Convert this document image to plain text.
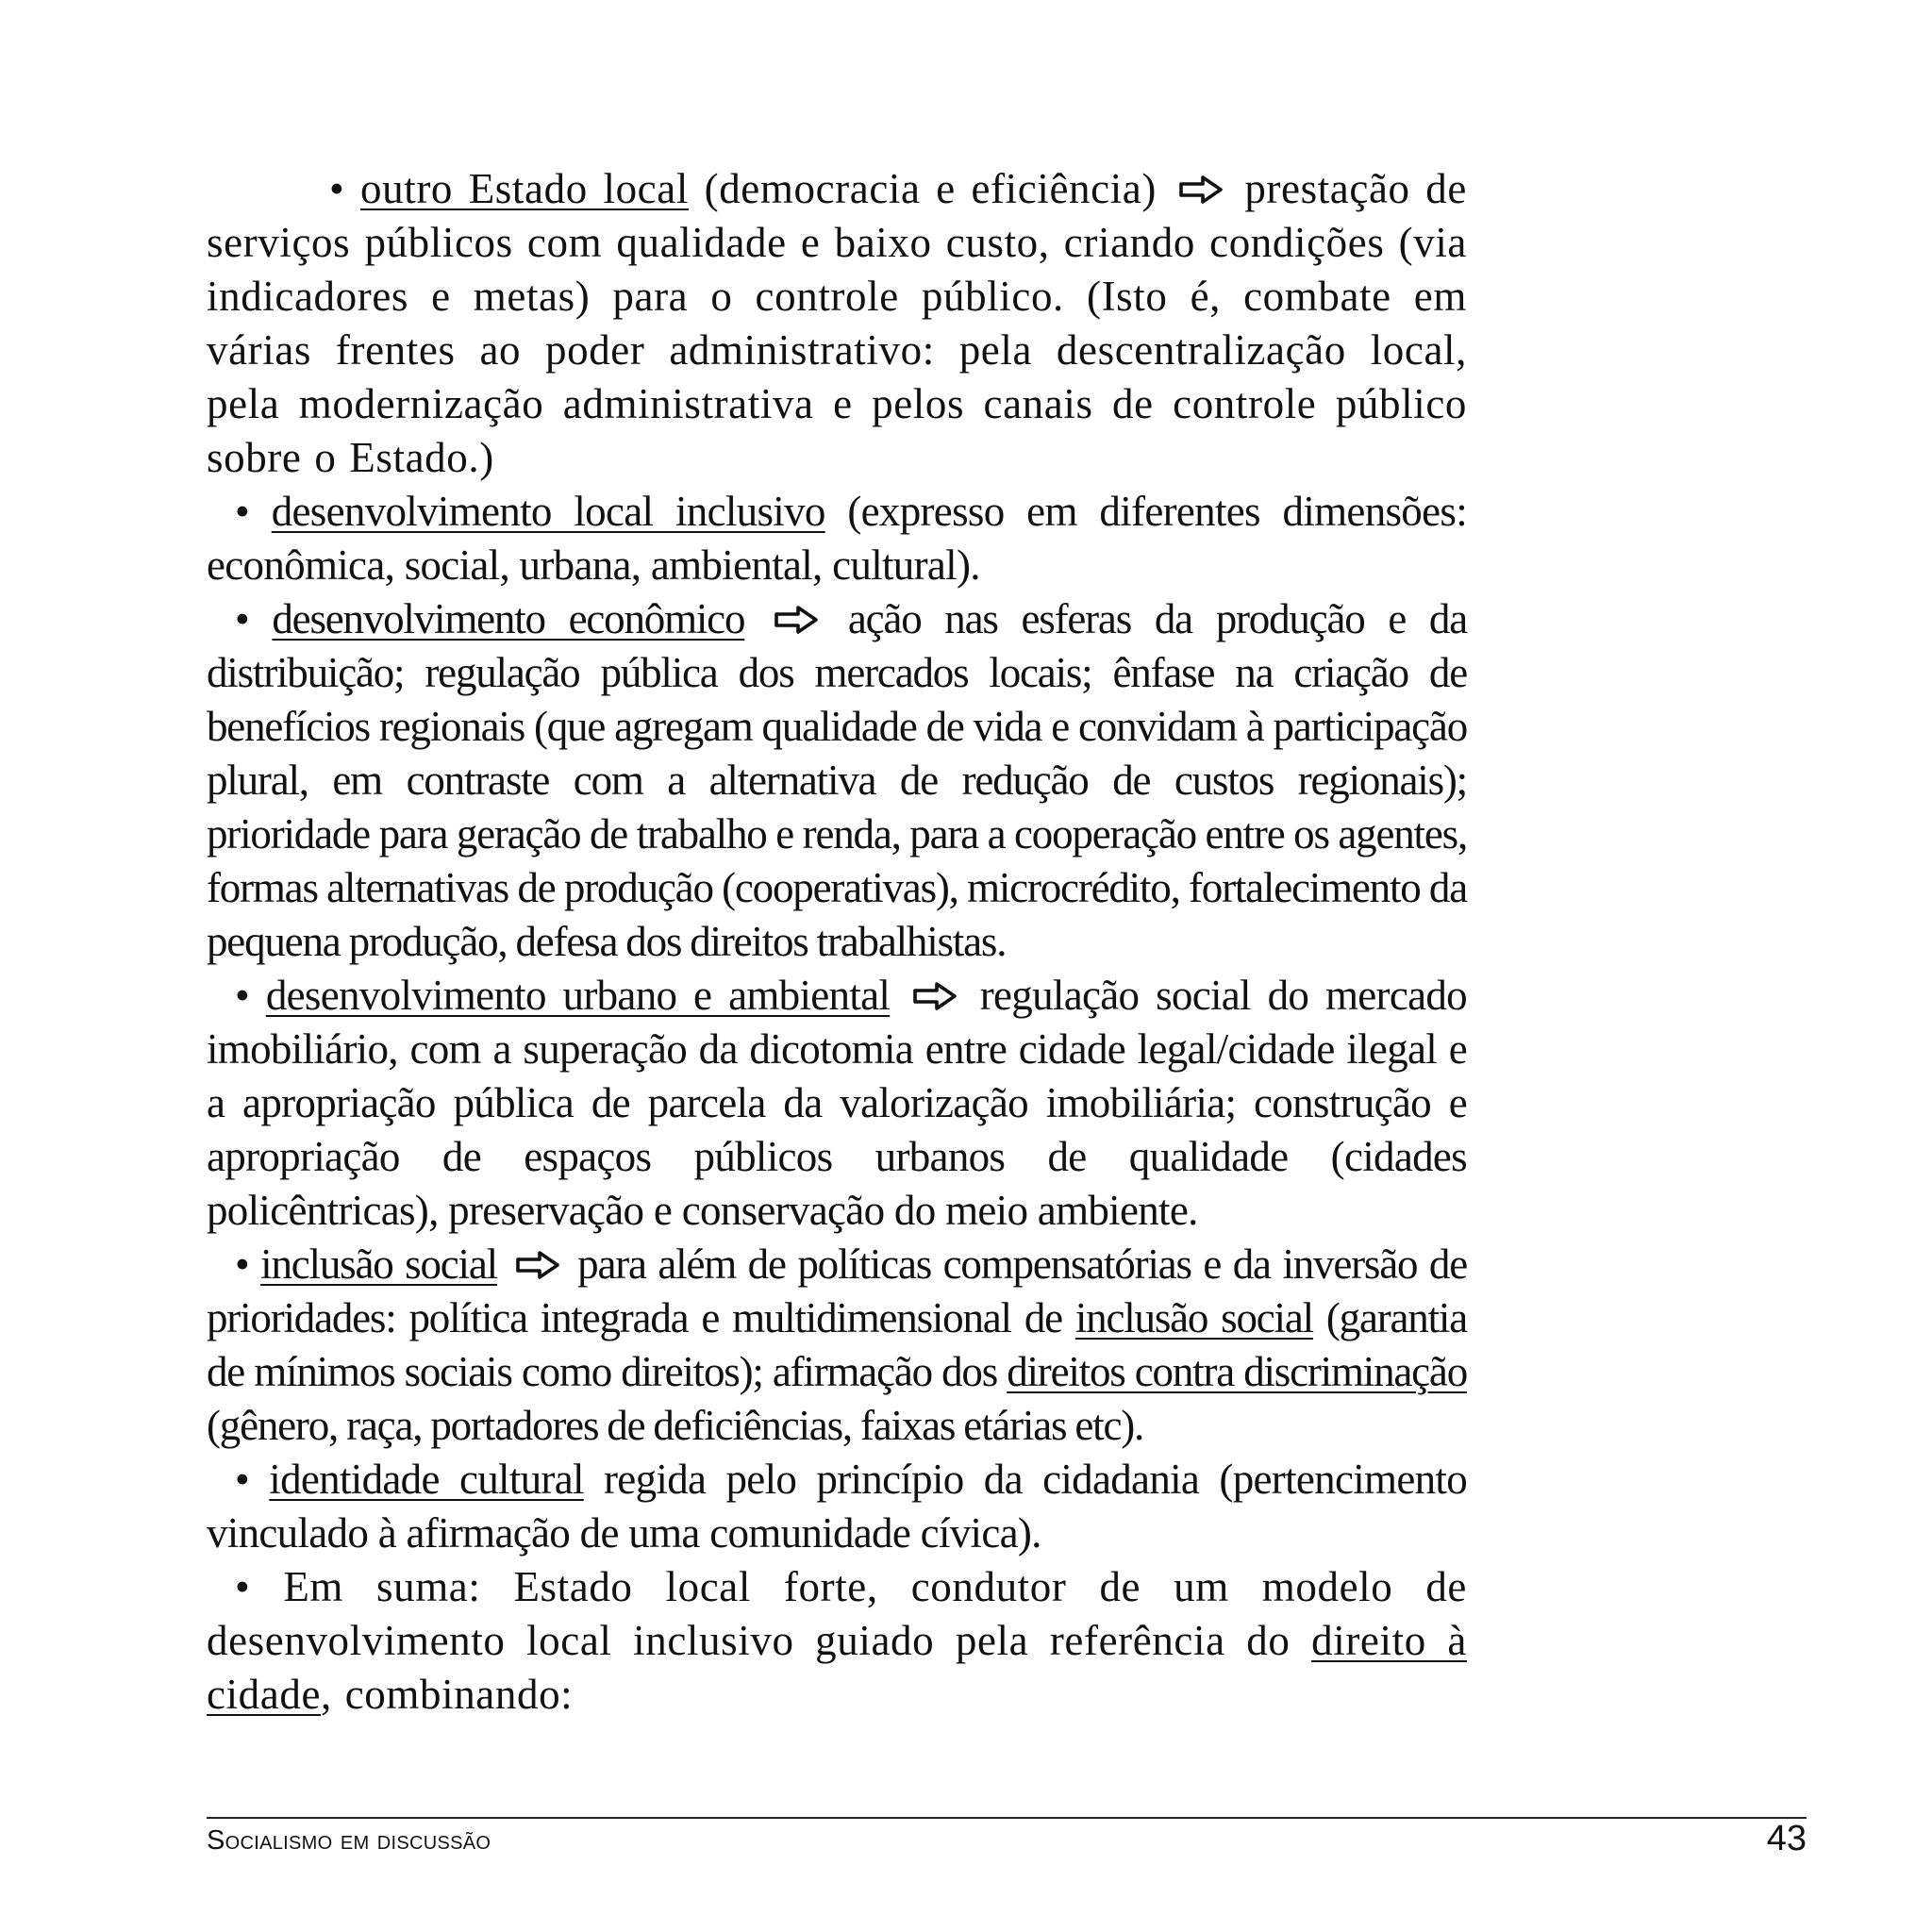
• outro Estado local (democracia e eficiência)  prestação de serviços públicos com qualidade e baixo custo, criando condições (via indicadores e metas) para o controle público. (Isto é, combate em várias frentes ao poder administrativo: pela descentralização local, pela modernização administrativa e pelos canais de controle público sobre o Estado.)

• desenvolvimento local inclusivo (expresso em diferentes dimensões: econômica, social, urbana, ambiental, cultural).

• desenvolvimento econômico  ação nas esferas da produção e da distribuição; regulação pública dos mercados locais; ênfase na criação de benefícios regionais (que agregam qualidade de vida e convidam à participação plural, em contraste com a alternativa de redução de custos regionais); prioridade para geração de trabalho e renda, para a cooperação entre os agentes, formas alternativas de produção (cooperativas), microcrédito, fortalecimento da pequena produção, defesa dos direitos trabalhistas.

• desenvolvimento urbano e ambiental  regulação social do mercado imobiliário, com a superação da dicotomia entre cidade legal/cidade ilegal e a apropriação pública de parcela da valorização imobiliária; construção e apropriação de espaços públicos urbanos de qualidade (cidades policêntricas), preservação e conservação do meio ambiente.

• inclusão social  para além de políticas compensatórias e da inversão de prioridades: política integrada e multidimensional de inclusão social (garantia de mínimos sociais como direitos); afirmação dos direitos contra discriminação (gênero, raça, portadores de deficiências, faixas etárias etc).

• identidade cultural regida pelo princípio da cidadania (pertencimento vinculado à afirmação de uma comunidade cívica).

• Em suma: Estado local forte, condutor de um modelo de desenvolvimento local inclusivo guiado pela referência do direito à cidade, combinando:

Socialismo em discussão	43
